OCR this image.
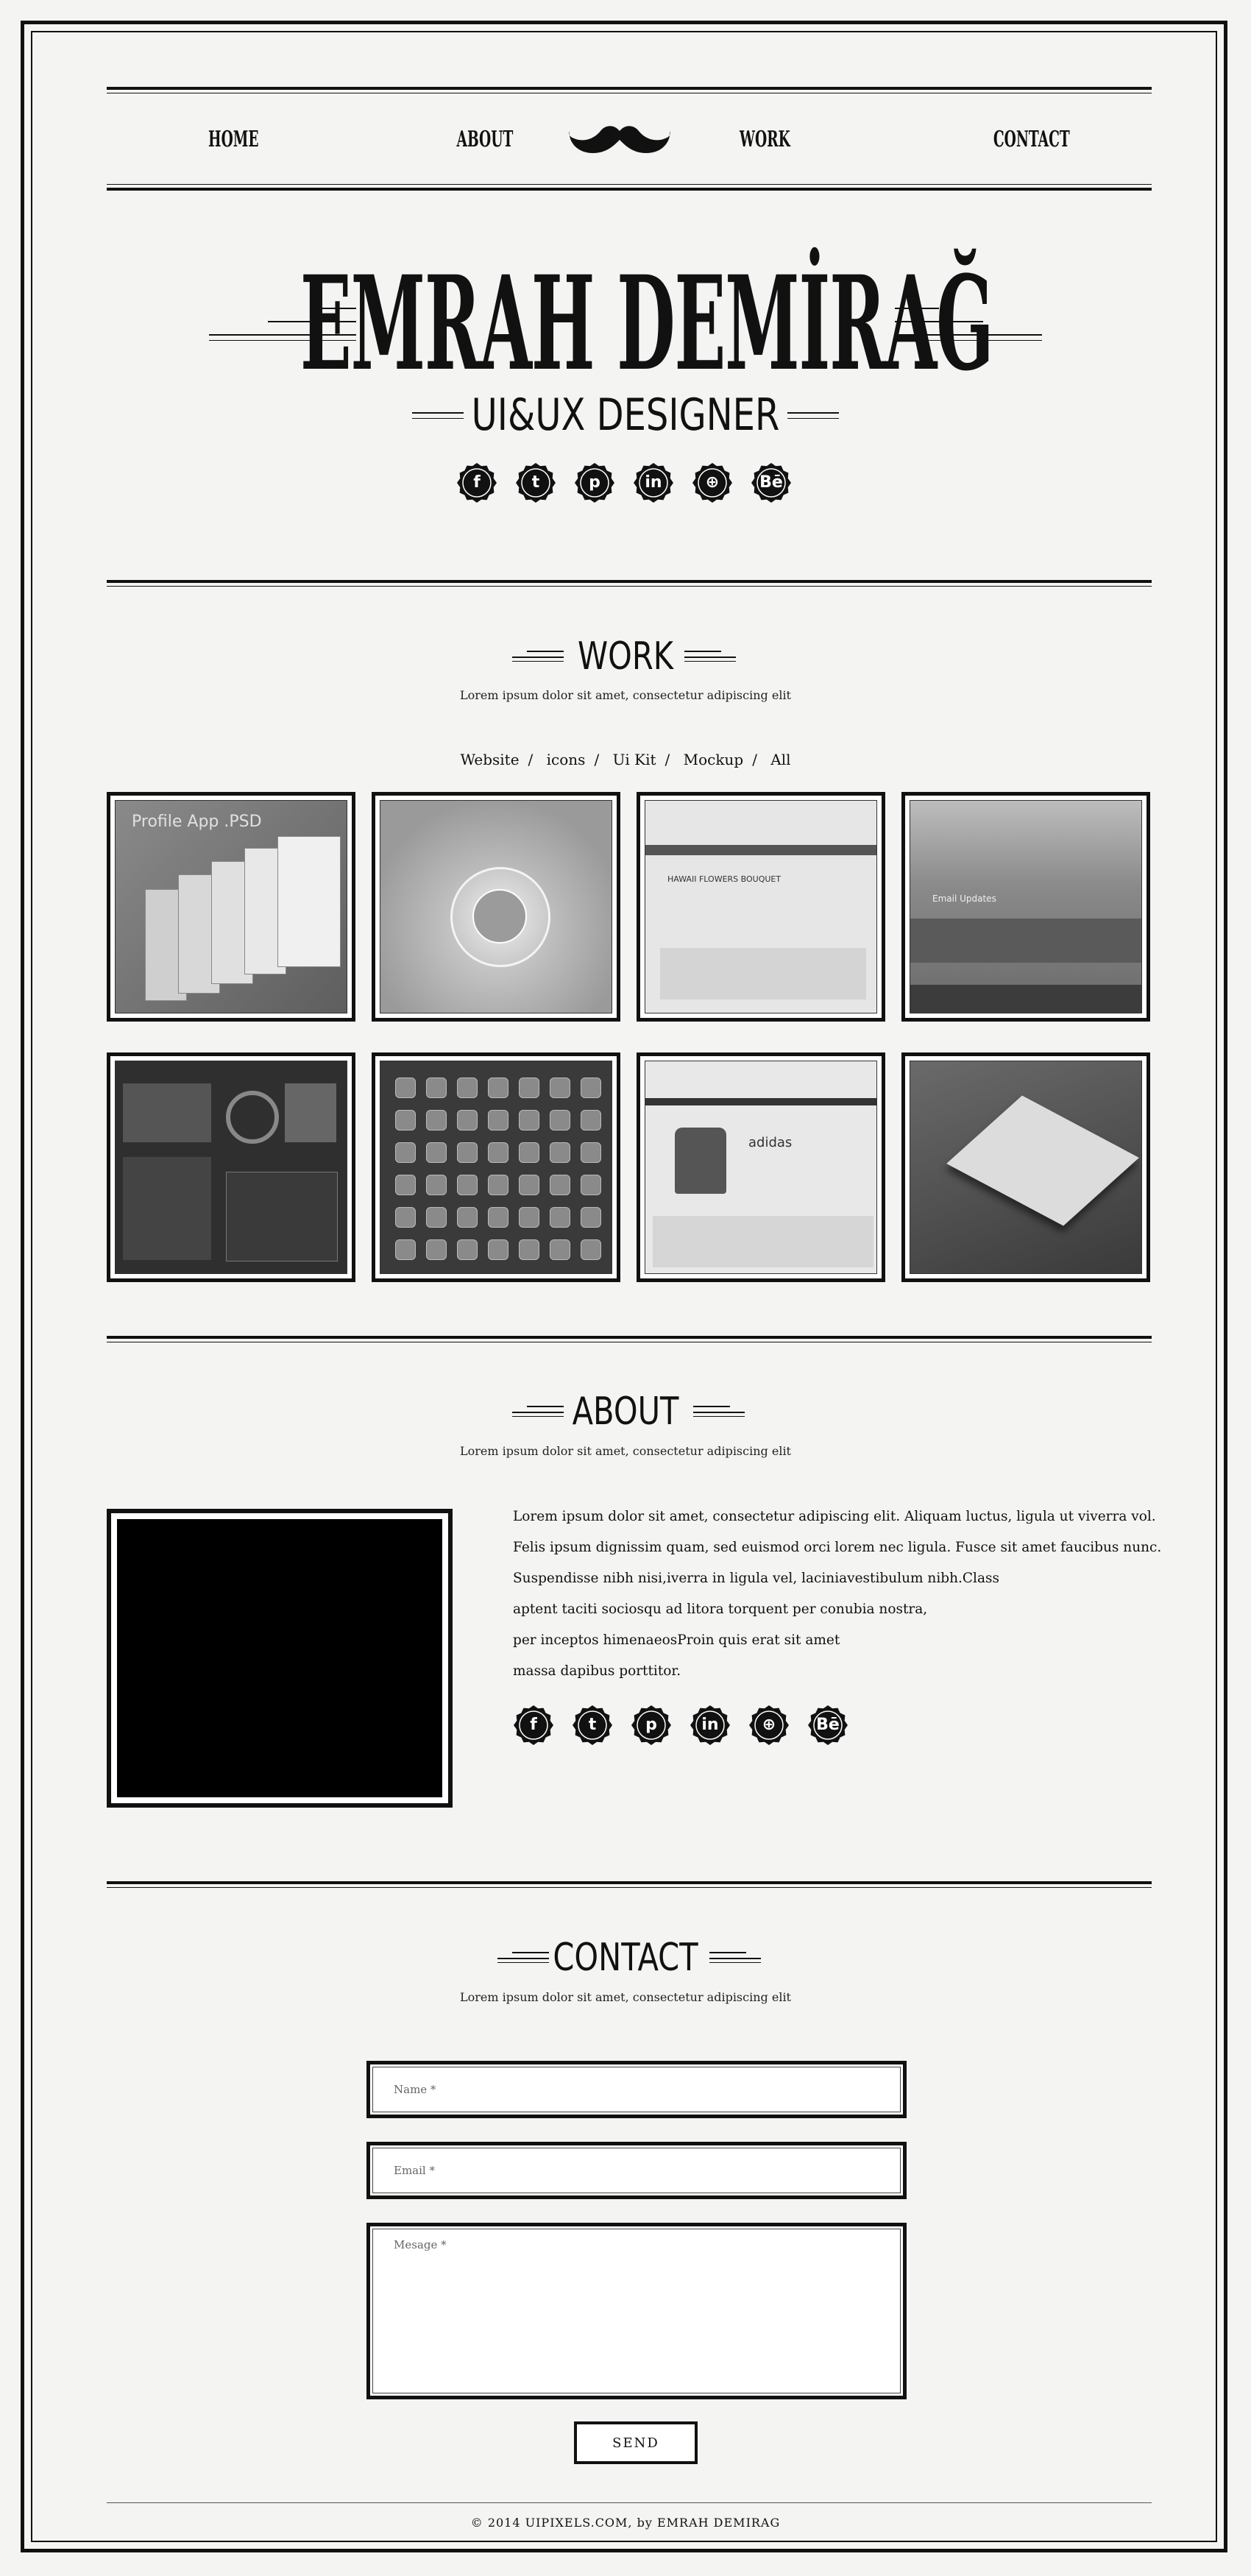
HOME	ABOUT	WORK	CONTACT
EMRAH DEMİRAĞ
UI&UX DESIGNER
f	t	p	in	⊕	Bē
WORK
Lorem ipsum dolor sit amet, consectetur adipiscing elit
Website / icons / Ui Kit / Mockup / All
Profile App .PSD
HAWAII FLOWERS BOUQUET
Email Updates
adidas
ABOUT
Lorem ipsum dolor sit amet, consectetur adipiscing elit

Lorem ipsum dolor sit amet, consectetur adipiscing elit. Aliquam luctus, ligula ut viverra vol.

Felis ipsum dignissim quam, sed euismod orci lorem nec ligula. Fusce sit amet faucibus nunc.

Suspendisse nibh nisi,iverra in ligula vel, laciniavestibulum nibh.Class

aptent taciti sociosqu ad litora torquent per conubia nostra,

per inceptos himenaeosProin quis erat sit amet

massa dapibus porttitor.

f	t	p	in	⊕	Bē
CONTACT
Lorem ipsum dolor sit amet, consectetur adipiscing elit
Name *
Email *
Mesage *
SEND
© 2014 UIPIXELS.COM, by EMRAH DEMIRAG
